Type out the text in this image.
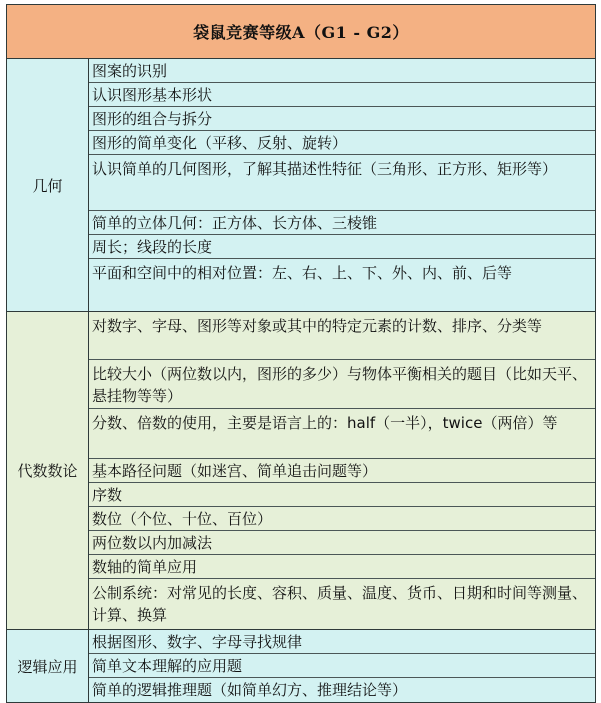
袋鼠竞赛等级A（G1 - G2）
几何
图案的识别
认识图形基本形状
图形的组合与拆分
图形的简单变化（平移、反射、旋转）
认识简单的几何图形，了解其描述性特征（三角形、正方形、矩形等）
简单的立体几何：正方体、长方体、三棱锥
周长；线段的长度
平面和空间中的相对位置：左、右、上、下、外、内、前、后等
代数数论
对数字、字母、图形等对象或其中的特定元素的计数、排序、分类等
比较大小（两位数以内，图形的多少）与物体平衡相关的题目（比如天平、悬挂物等等）
分数、倍数的使用，主要是语言上的：half（一半），twice（两倍）等
基本路径问题（如迷宫、简单追击问题等）
序数
数位（个位、十位、百位）
两位数以内加减法
数轴的简单应用
公制系统：对常见的长度、容积、质量、温度、货币、日期和时间等测量、计算、换算
逻辑应用
根据图形、数字、字母寻找规律
简单文本理解的应用题
简单的逻辑推理题（如简单幻方、推理结论等）
